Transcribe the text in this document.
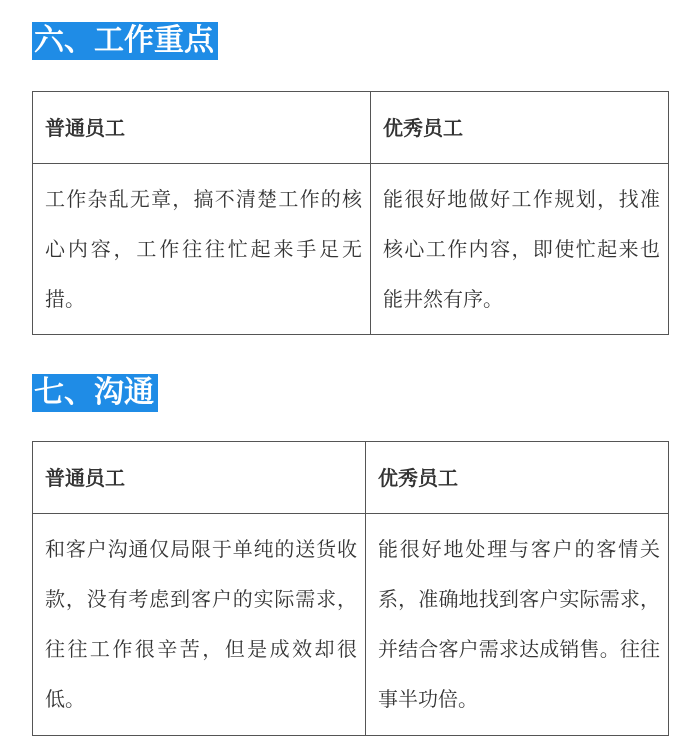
六、工作重点
普通员工	优秀员工
工作杂乱无章，搞不清楚工作的核心内容，工作往往忙起来手足无措。	能很好地做好工作规划，找准核心工作内容，即使忙起来也能井然有序。
七、沟通
普通员工	优秀员工
和客户沟通仅局限于单纯的送货收款，没有考虑到客户的实际需求，往往工作很辛苦，但是成效却很低。	能很好地处理与客户的客情关系，准确地找到客户实际需求，并结合客户需求达成销售。往往事半功倍。
